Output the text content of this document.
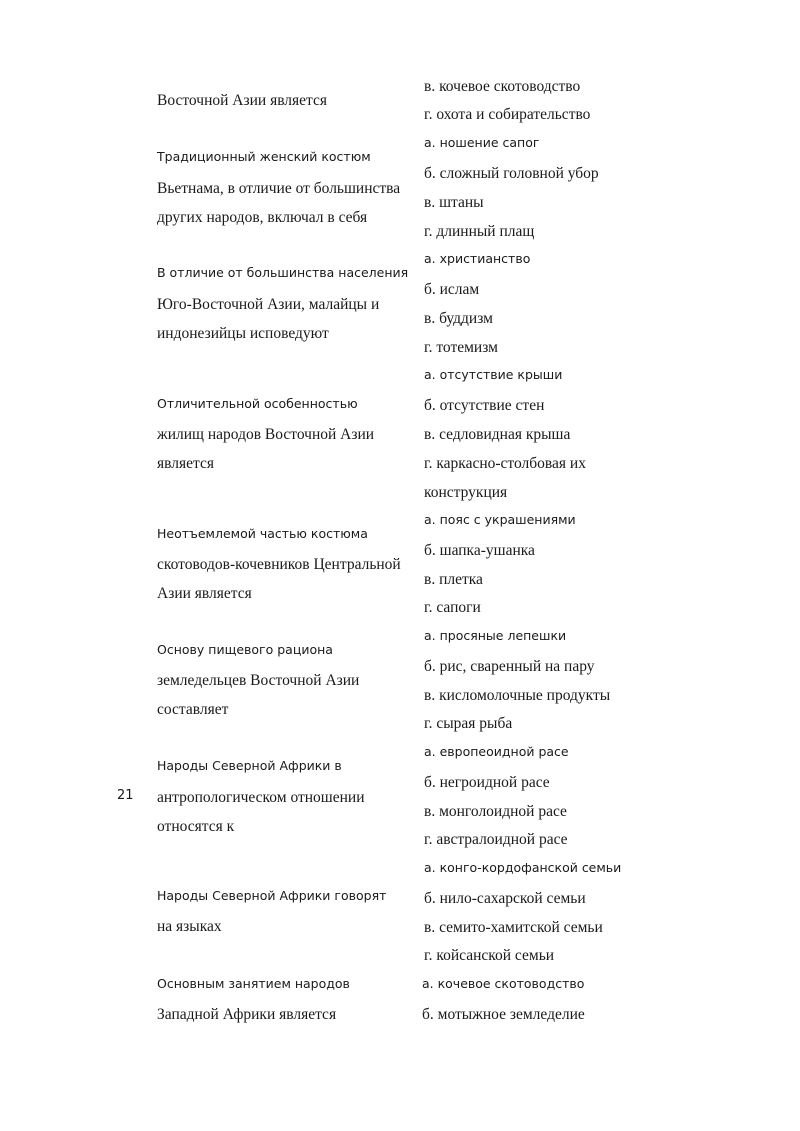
21
Восточной Азии является
в. кочевое скотоводство
г. охота и собирательство
Традиционный женский костюм
Вьетнама, в отличие от большинства
других народов, включал в себя
а. ношение сапог
б. сложный головной убор
в. штаны
г. длинный плащ
В отличие от большинства населения
Юго-Восточной Азии, малайцы и
индонезийцы исповедуют
а. христианство
б. ислам
в. буддизм
г. тотемизм
Отличительной особенностью
жилищ народов Восточной Азии
является
а. отсутствие крыши
б. отсутствие стен
в. седловидная крыша
г. каркасно-столбовая их
конструкция
Неотъемлемой частью костюма
скотоводов-кочевников Центральной
Азии является
а. пояс с украшениями
б. шапка-ушанка
в. плетка
г. сапоги
Основу пищевого рациона
земледельцев Восточной Азии
составляет
а. просяные лепешки
б. рис, сваренный на пару
в. кисломолочные продукты
г. сырая рыба
Народы Северной Африки в
антропологическом отношении
относятся к
а. европеоидной расе
б. негроидной расе
в. монголоидной расе
г. австралоидной расе
Народы Северной Африки говорят
на языках
а. конго-кордофанской семьи
б. нило-сахарской семьи
в. семито-хамитской семьи
г. койсанской семьи
Основным занятием народов
Западной Африки является
а. кочевое скотоводство
б. мотыжное земледелие
